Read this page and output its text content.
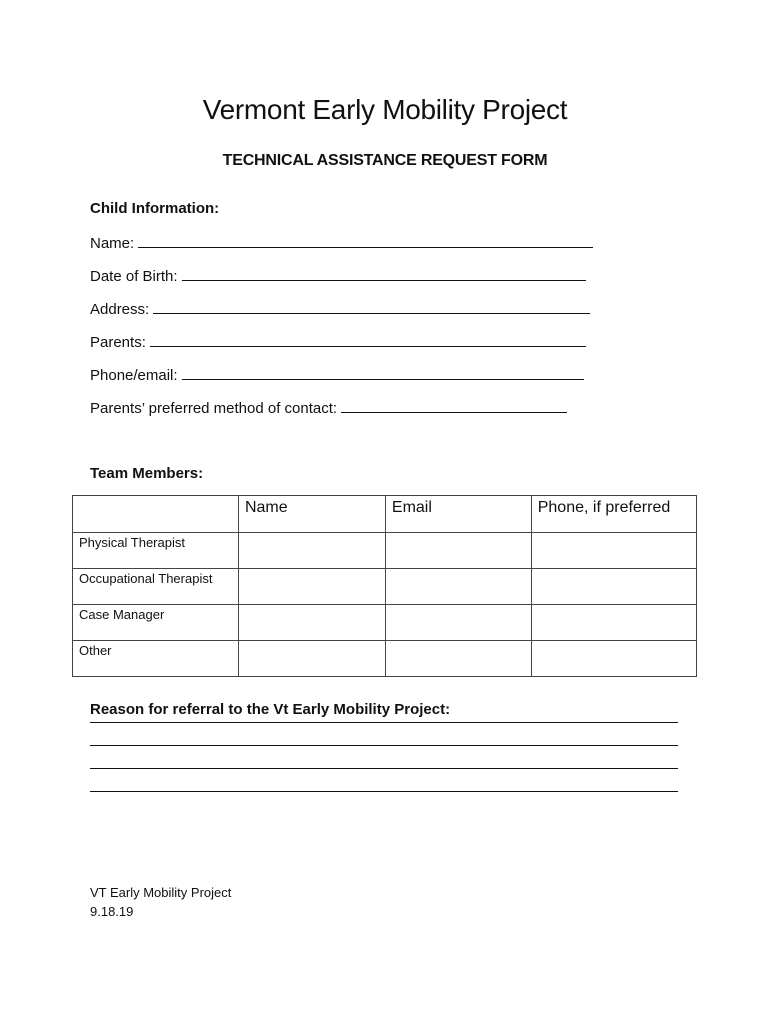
Vermont Early Mobility Project
TECHNICAL ASSISTANCE REQUEST FORM
Child Information:
Name:
Date of Birth:
Address:
Parents:
Phone/email:
Parents’ preferred method of contact:
Team Members:
	Name	Email	Phone, if preferred
Physical Therapist			
Occupational Therapist			
Case Manager			
Other			
Reason for referral to the Vt Early Mobility Project:
VT Early Mobility Project
9.18.19
